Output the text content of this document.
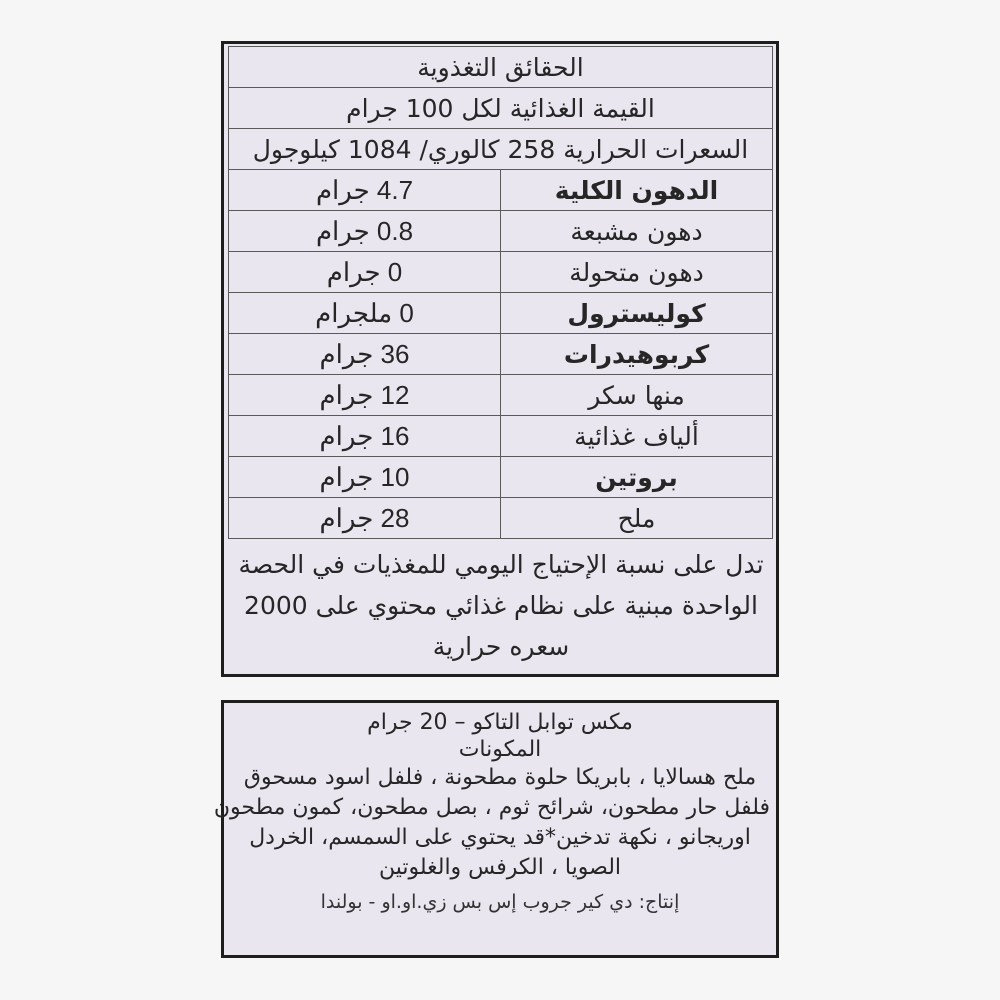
الحقائق التغذوية	
القيمة الغذائية لكل 100 جرام	
السعرات الحرارية 258 كالوري/ 1084 كيلوجول	
الدهون الكلية	4.7 جرام
دهون مشبعة	0.8 جرام
دهون متحولة	0 جرام
كوليسترول	0 ملجرام
كربوهيدرات	36 جرام
منها سكر	12 جرام
ألياف غذائية	16 جرام
بروتين	10 جرام
ملح	28 جرام
تدل على نسبة الإحتياج اليومي للمغذيات في الحصة
الواحدة مبنية على نظام غذائي محتوي على 2000
سعره حرارية
مكس توابل التاكو – 20 جرام
المكونات
ملح هسالايا ، بابريكا حلوة مطحونة ، فلفل اسود مسحوق
فلفل حار مطحون، شرائح ثوم ، بصل مطحون، كمون مطحون
اوريجانو ، نكهة تدخين*قد يحتوي على السمسم، الخردل
الصويا ، الكرفس والغلوتين
إنتاج: دي كير جروب إس بس زي.او.او - بولندا
